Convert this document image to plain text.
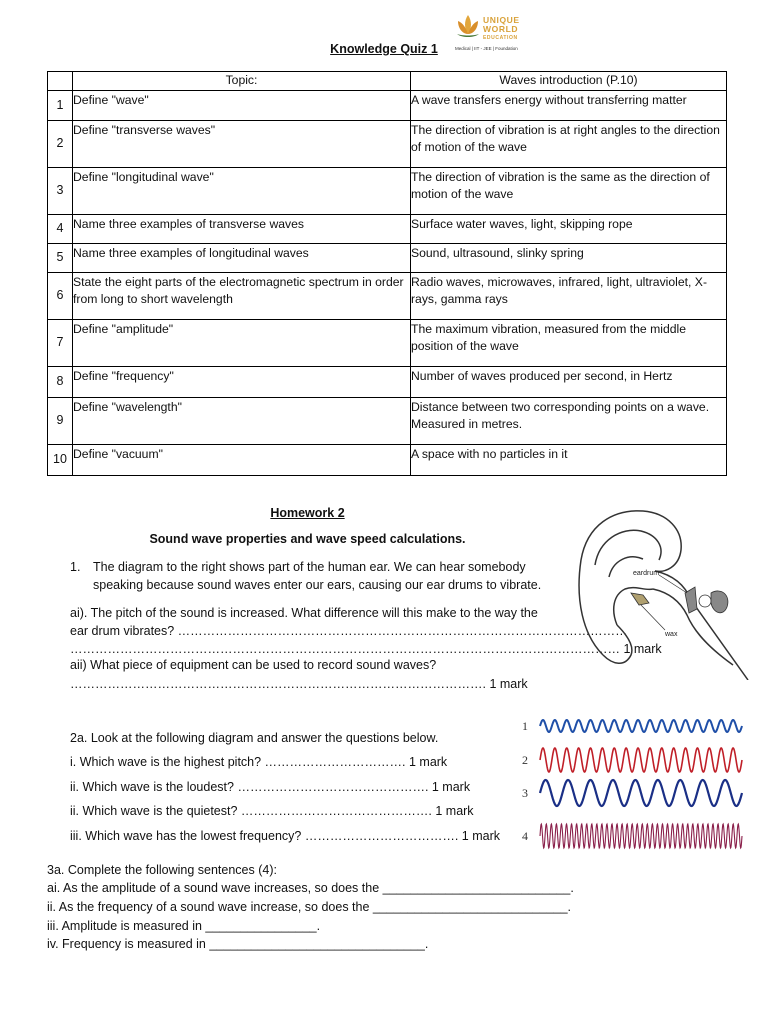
UNIQUE
WORLD
EDUCATION
Medical | IIT - JEE | Foundation
Knowledge Quiz 1
	Topic:	Waves introduction (P.10)
1	Define "wave"	A wave transfers energy without transferring matter
2	Define "transverse waves"	The direction of vibration is at right angles to the direction of motion of the wave
3	Define "longitudinal wave"	The direction of vibration is the same as the direction of motion of the wave
4	Name three examples of transverse waves	Surface water waves, light, skipping rope
5	Name three examples of longitudinal waves	Sound, ultrasound, slinky spring
6	State the eight parts of the electromagnetic spectrum in order from long to short wavelength	Radio waves, microwaves, infrared, light, ultraviolet, X-rays, gamma rays
7	Define "amplitude"	The maximum vibration, measured from the middle position of the wave
8	Define "frequency"	Number of waves produced per second, in Hertz
9	Define "wavelength"	Distance between two corresponding points on a wave. Measured in metres.
10	Define "vacuum"	A space with no particles in it
Homework 2
Sound wave properties and wave speed calculations.
1. The diagram to the right shows part of the human ear. We can hear somebody
speaking because sound waves enter our ears, causing our ear drums to vibrate.
ai). The pitch of the sound is increased. What difference will this make to the way the
ear drum vibrates? ………………………………………………………………………………………………
…………………………………………………………………………………………………………………… 1 mark
aii) What piece of equipment can be used to record sound waves?
………………………………………………………………………………………. 1 mark
eardrum
wax
2a. Look at the following diagram and answer the questions below.
i. Which wave is the highest pitch? ……………………………. 1 mark
ii. Which wave is the loudest? ………………………………………. 1 mark
ii. Which wave is the quietest? ………………………………………. 1 mark
iii. Which wave has the lowest frequency? ………………………………. 1 mark
1
2
3
4
3a. Complete the following sentences (4):
ai. As the amplitude of a sound wave increases, so does the ___________________________.
ii. As the frequency of a sound wave increase, so does the ____________________________.
iii. Amplitude is measured in ________________.
iv. Frequency is measured in _______________________________.
